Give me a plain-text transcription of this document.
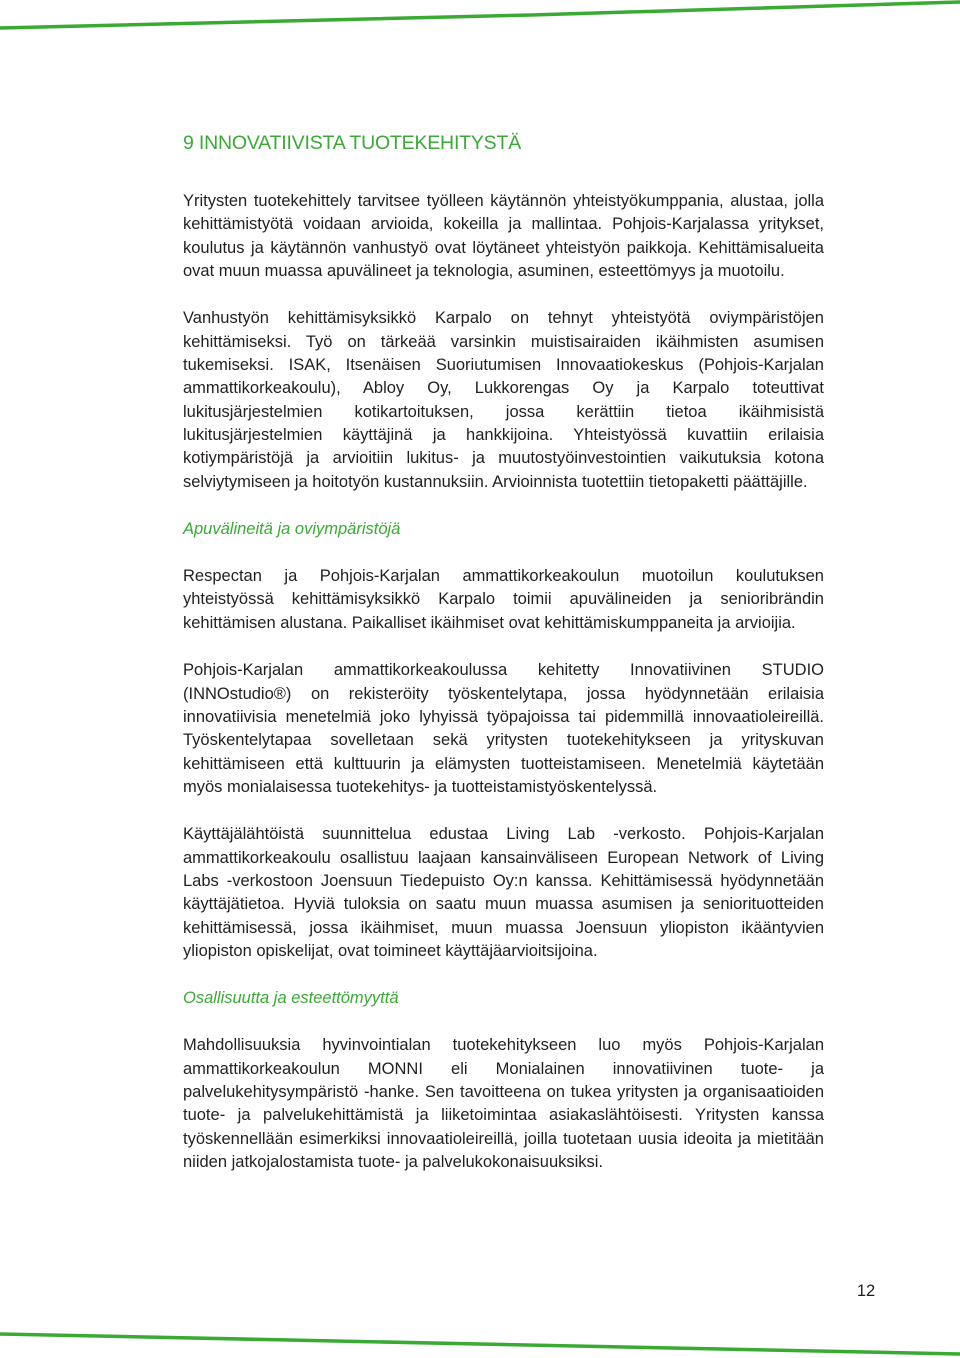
9 INNOVATIIVISTA TUOTEKEHITYSTÄ

Yritysten tuotekehittely tarvitsee työlleen käytännön yhteistyökumppania, alustaa, jolla kehittämistyötä voidaan arvioida, kokeilla ja mallintaa. Pohjois-Karjalassa yritykset, koulutus ja käytännön vanhustyö ovat löytäneet yhteistyön paikkoja. Kehittämisalueita ovat muun muassa apuvälineet ja teknologia, asuminen, esteettömyys ja muotoilu.

Vanhustyön kehittämisyksikkö Karpalo on tehnyt yhteistyötä oviympäristöjen kehittämiseksi. Työ on tärkeää varsinkin muistisairaiden ikäihmisten asumisen tukemiseksi. ISAK, Itsenäisen Suoriutumisen Innovaatiokeskus (Pohjois-Karjalan ammattikorkeakoulu), Abloy Oy, Lukkorengas Oy ja Karpalo toteuttivat lukitusjärjestelmien kotikartoituksen, jossa kerättiin tietoa ikäihmisistä lukitusjärjestelmien käyttäjinä ja hankkijoina. Yhteistyössä kuvattiin erilaisia kotiympäristöjä ja arvioitiin lukitus- ja muutostyöinvestointien vaikutuksia kotona selviytymiseen ja hoitotyön kustannuksiin. Arvioinnista tuotettiin tietopaketti päättäjille.

Apuvälineitä ja oviympäristöjä

Respectan ja Pohjois-Karjalan ammattikorkeakoulun muotoilun koulutuksen yhteistyössä kehittämisyksikkö Karpalo toimii apuvälineiden ja senioribrändin kehittämisen alustana. Paikalliset ikäihmiset ovat kehittämiskumppaneita ja arvioijia.

Pohjois-Karjalan ammattikorkeakoulussa kehitetty Innovatiivinen STUDIO (INNOstudio®) on rekisteröity työskentelytapa, jossa hyödynnetään erilaisia innovatiivisia menetelmiä joko lyhyissä työpajoissa tai pidemmillä innovaatioleireillä. Työskentelytapaa sovelletaan sekä yritysten tuotekehitykseen ja yrityskuvan kehittämiseen että kulttuurin ja elämysten tuotteistamiseen. Menetelmiä käytetään myös monialaisessa tuotekehitys- ja tuotteistamistyöskentelyssä.

Käyttäjälähtöistä suunnittelua edustaa Living Lab -verkosto. Pohjois-Karjalan ammattikorkeakoulu osallistuu laajaan kansainväliseen European Network of Living Labs -verkostoon Joensuun Tiedepuisto Oy:n kanssa. Kehittämisessä hyödynnetään käyttäjätietoa. Hyviä tuloksia on saatu muun muassa asumisen ja seniorituotteiden kehittämisessä, jossa ikäihmiset, muun muassa Joensuun yliopiston ikääntyvien yliopiston opiskelijat, ovat toimineet käyttäjäarvioitsijoina.

Osallisuutta ja esteettömyyttä

Mahdollisuuksia hyvinvointialan tuotekehitykseen luo myös Pohjois-Karjalan ammattikorkeakoulun MONNI eli Monialainen innovatiivinen tuote- ja palvelukehitysympäristö -hanke. Sen tavoitteena on tukea yritysten ja organisaatioiden tuote- ja palvelukehittämistä ja liiketoimintaa asiakaslähtöisesti. Yritysten kanssa työskennellään esimerkiksi innovaatioleireillä, joilla tuotetaan uusia ideoita ja mietitään niiden jatkojalostamista tuote- ja palvelukokonaisuuksiksi.

12
